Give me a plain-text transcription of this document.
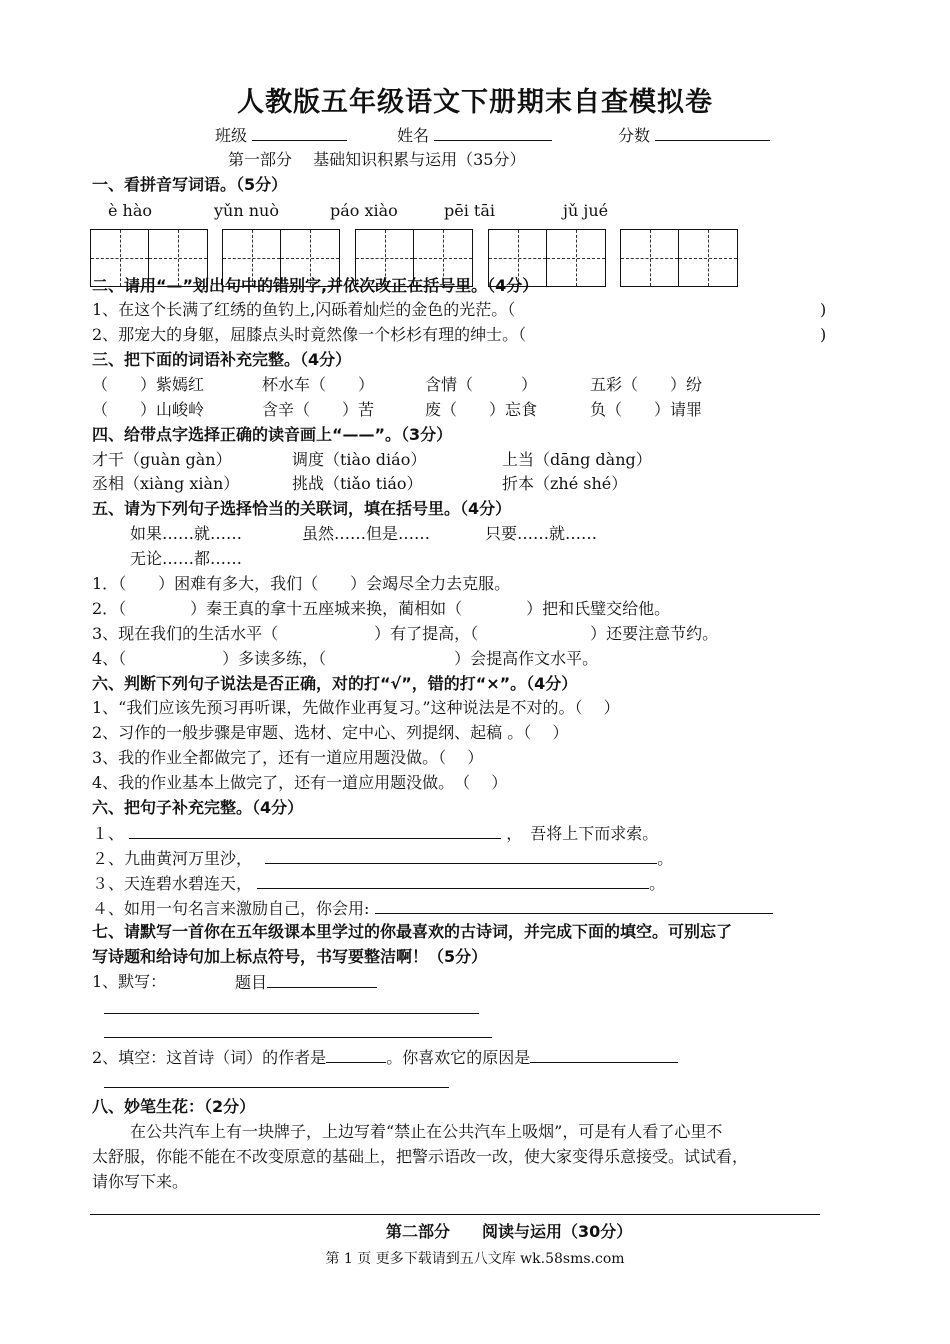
人教版五年级语文下册期末自查模拟卷
班级	姓名	分数
第一部分　 基础知识积累与运用（35分）
一、看拼音写词语。（5分）
è hào	yǔn nuò	páo xiào	pēi tāi	jǔ jué
二、请用“—”划出句中的错别字,并依次改正在括号里。（4分）
1、在这个长满了红绣的鱼钓上,闪砾着灿烂的金色的光茫。（	)
2、那宠大的身躯，屈膝点头时竟然像一个杉杉有理的绅士。（	)
三、把下面的词语补充完整。（4分）
（　　）紫嫣红	杯水车（　　）	含情（　　　）	五彩（　　）纷
（　　）山峻岭	含辛（　　）苦	废（　　）忘食	负（　　）请罪
四、给带点字选择正确的读音画上“——”。（3分）
才干（guàn gàn）	调度（tiào diáo）	上当（dāng dàng）
丞相（xiàng xiàn）	挑战（tiǎo tiáo）	折本（zhé shé）
五、请为下列句子选择恰当的关联词，填在括号里。（4分）
如果……就……	虽然……但是……	只要……就……
无论……都……
1．（　　）困难有多大，我们（　　）会竭尽全力去克服。
2．（　　　　）秦王真的拿十五座城来换，蔺相如（　　　　）把和氏璧交给他。
3、现在我们的生活水平（　　　　　　）有了提高，（　　　　　　　）还要注意节约。
4、（　　　　　　）多读多练，（　　　　　　　　）会提高作文水平。
六、判断下列句子说法是否正确，对的打“√”，错的打“×”。（4分）
1、“我们应该先预习再听课，先做作业再复习。”这种说法是不对的。（　 ）
2、习作的一般步骤是审题、选材、定中心、列提纲、起稿 。（　 ）
3、我的作业全都做完了，还有一道应用题没做。（　 ）
4、我的作业基本上做完了，还有一道应用题没做。　（　 ）
六、把句子补充完整。（4分）
１、	，　吾将上下而求索。
２、九曲黄河万里沙，	。
３、天连碧水碧连天，	。
４、如用一句名言来激励自己，你会用:
七、请默写一首你在五年级课本里学过的你最喜欢的古诗词，并完成下面的填空。可别忘了
写诗题和给诗句加上标点符号，书写要整洁啊！（5分）
1、默写：	题目
2、填空：这首诗（词）的作者是	。你喜欢它的原因是
八、妙笔生花：（2分）
在公共汽车上有一块牌子，上边写着“禁止在公共汽车上吸烟”，可是有人看了心里不
太舒服，你能不能在不改变原意的基础上，把警示语改一改，使大家变得乐意接受。试试看，
请你写下来。
第二部分　　阅读与运用（30分）
第 1 页 更多下载请到五八文库 wk.58sms.com
